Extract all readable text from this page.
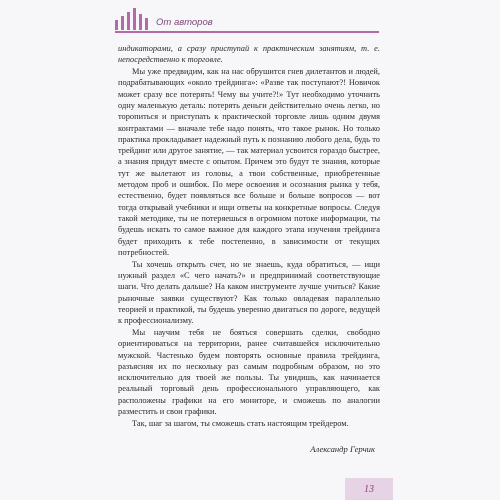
От авторов

индикаторами, а сразу приступай к практическим занятиям, т. е. непосредственно к торговле.

Мы уже предвидим, как на нас обрушится гнев дилетантов и людей, подрабатывающих «около трейдинга»: «Разве так поступают?! Новичок может сразу все потерять! Чему вы учите?!» Тут необходимо уточнить одну маленькую деталь: потерять деньги действительно очень легко, но торопиться и приступать к практической торговле лишь одним двумя контрактами — вначале тебе надо понять, что такое рынок. Но только практика прокладывает надежный путь к познанию любого дела, будь то трейдинг или другое занятие, — так материал усвоится гораздо быстрее, а знания придут вместе с опытом. Причем это будут те знания, которые тут же вылетают из головы, а твои собственные, приобретенные методом проб и ошибок. По мере освоения и осознания рынка у тебя, естественно, будет появляться все больше и больше вопросов — вот тогда открывай учебники и ищи ответы на конкретные вопросы. Следуя такой методике, ты не потеряешься в огромном потоке информации, ты будешь искать то самое важное для каждого этапа изучения трейдинга будет приходить к тебе постепенно, в зависимости от текущих потребностей.

Ты хочешь открыть счет, но не знаешь, куда обратиться, — ищи нужный раздел «С чего начать?» и предпринимай соответствующие шаги. Что делать дальше? На каком инструменте лучше учиться? Какие рыночные заявки существуют? Как только овладевая параллельно теорией и практикой, ты будешь уверенно двигаться по дороге, ведущей к профессионализму.

Мы научим тебя не бояться совершать сделки, свободно ориентироваться на территории, ранее считавшейся исключительно мужской. Частенько будем повторять основные правила трейдинга, разъясняя их по нескольку раз самым подробным образом, но это исключительно для твоей же пользы. Ты увидишь, как начинается реальный торговый день профессионального управляющего, как расположены графики на его мониторе, и сможешь по аналогии разместить и свои графики.

Так, шаг за шагом, ты сможешь стать настоящим трейдером.

Александр Герчик
13
